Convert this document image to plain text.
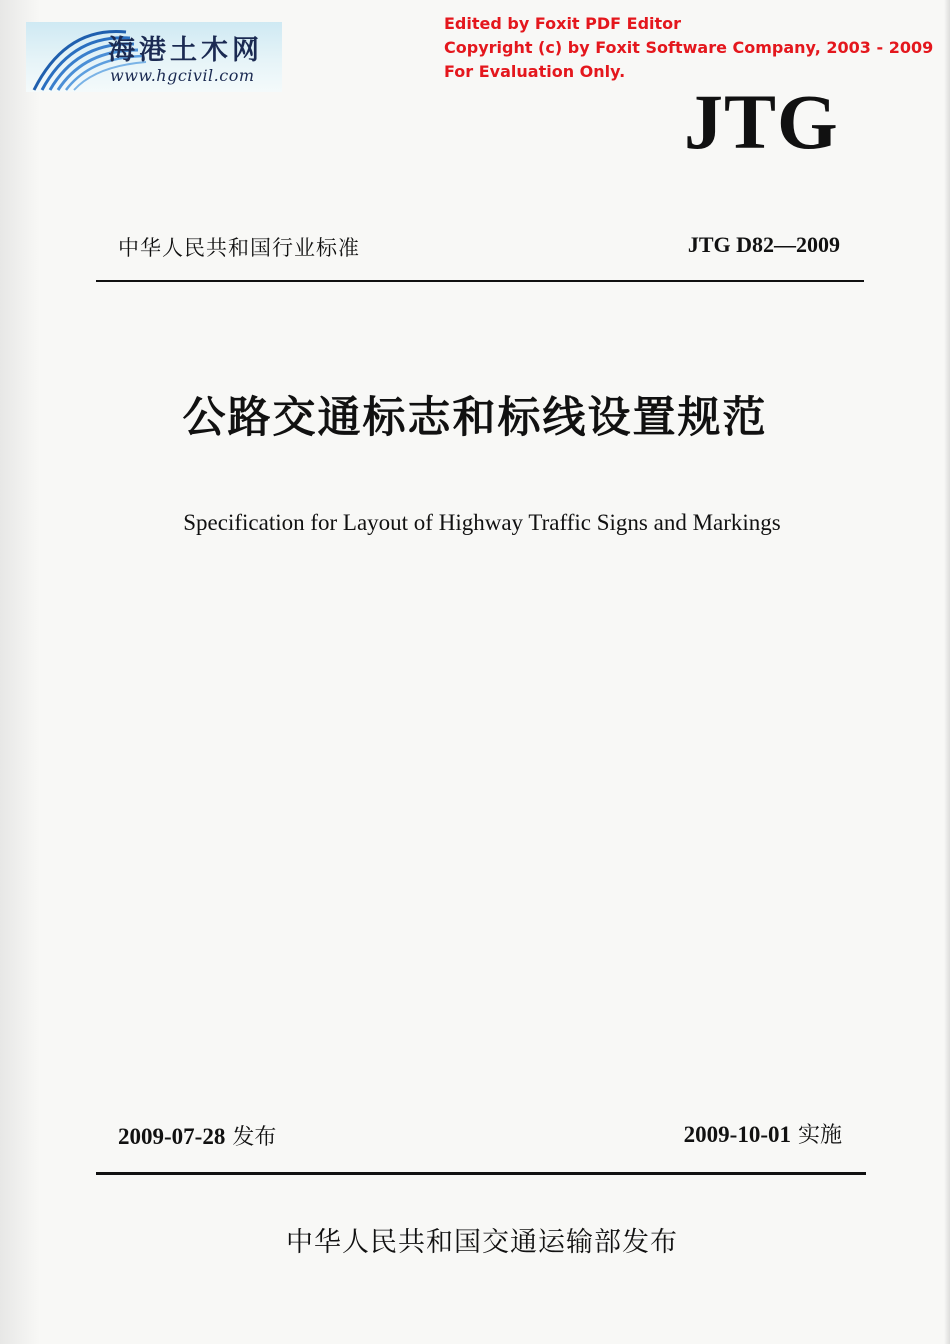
海港土木网
www.hgcivil.com
Edited by Foxit PDF Editor
Copyright (c) by Foxit Software Company, 2003 - 2009
For Evaluation Only.
JTG
中华人民共和国行业标准	JTG D82—2009
公路交通标志和标线设置规范
Specification for Layout of Highway Traffic Signs and Markings
2009-07-28 发布	2009-10-01 实施
中华人民共和国交通运输部发布
